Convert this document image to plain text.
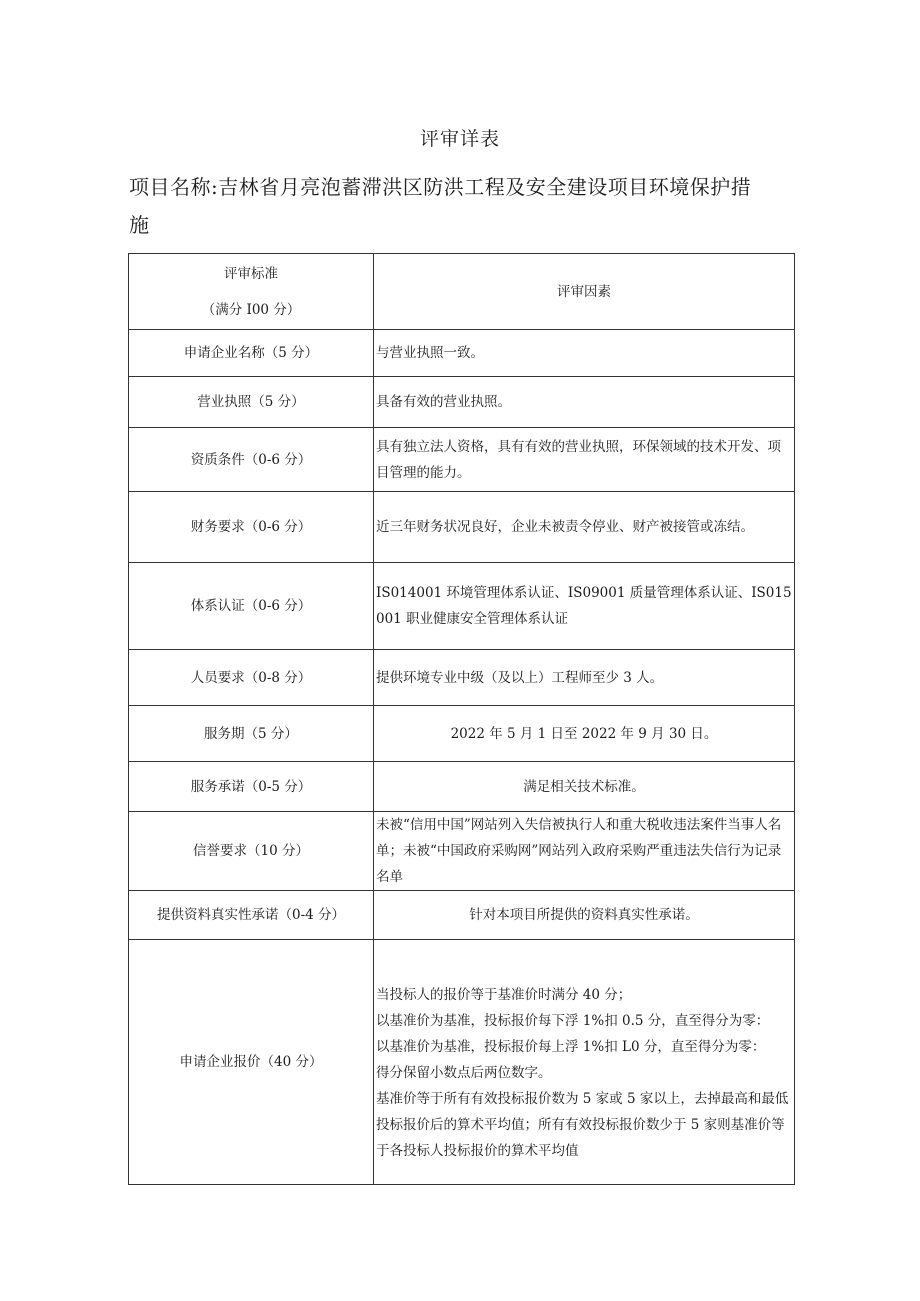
评审详表
项目名称:吉林省月亮泡蓄滞洪区防洪工程及安全建设项目环境保护措
施
评审标准
（满分 I00 分）	评审因素
申请企业名称（5 分）	与营业执照一致。
营业执照（5 分）	具备有效的营业执照。
资质条件（0-6 分）	具有独立法人资格，具有有效的营业执照，环保领域的技术开发、项目管理的能力。
财务要求（0-6 分）	近三年财务状况良好，企业未被责令停业、财产被接管或冻结。
体系认证（0-6 分）	IS014001 环境管理体系认证、IS09001 质量管理体系认证、IS015001 职业健康安全管理体系认证
人员要求（0-8 分）	提供环境专业中级（及以上）工程师至少 3 人。
服务期（5 分）	2022 年 5 月 1 日至 2022 年 9 月 30 日。
服务承诺（0-5 分）	满足相关技术标准。
信誉要求（10 分）	未被“信用中国”网站列入失信被执行人和重大税收违法案件当事人名单；未被“中国政府采购网”网站列入政府采购严重违法失信行为记录名单
提供资料真实性承诺（0-4 分）	针对本项目所提供的资料真实性承诺。
申请企业报价（40 分）	当投标人的报价等于基准价时满分 40 分；
以基准价为基准，投标报价每下浮 1%扣 0.5 分，直至得分为零：
以基准价为基准，投标报价每上浮 1%扣 L0 分，直至得分为零：
得分保留小数点后两位数字。
基准价等于所有有效投标报价数为 5 家或 5 家以上，去掉最高和最低投标报价后的算术平均值；所有有效投标报价数少于 5 家则基准价等于各投标人投标报价的算术平均值
